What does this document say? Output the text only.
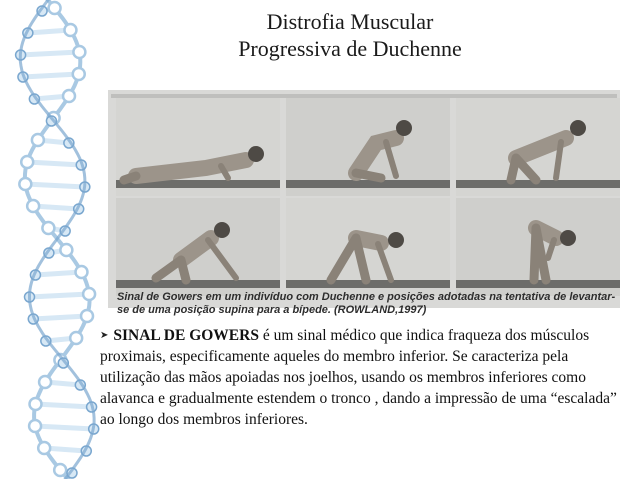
Distrofia Muscular
Progressiva de Duchenne
Sinal de Gowers em um indivíduo com Duchenne e posições adotadas na tentativa de levantar-se de uma posição supina para a bípede. (ROWLAND,1997)

➤ SINAL DE GOWERS é um sinal médico que indica fraqueza dos músculos proximais, especificamente aqueles do membro inferior. Se caracteriza pela utilização das mãos apoiadas nos joelhos, usando os membros inferiores como alavanca e gradualmente estendem o tronco , dando a impressão de uma “escalada” ao longo dos membros inferiores.
